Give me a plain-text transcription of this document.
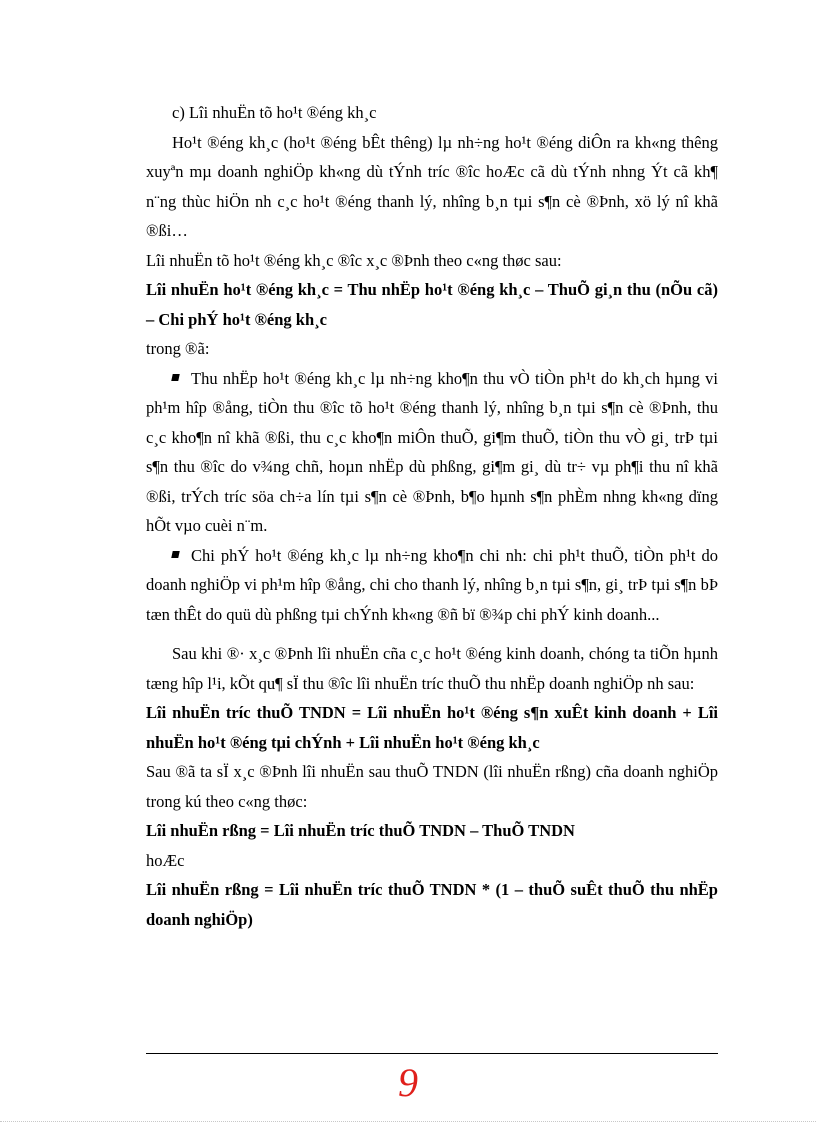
c) Lîi nhuËn tõ ho¹t ®éng kh¸c

Ho¹t ®éng kh¸c (ho¹t ®éng bÊt thêng) lµ nh÷ng ho¹t ®éng diÔn ra kh«ng thêng xuyªn mµ doanh nghiÖp kh«ng dù tÝnh tríc ®îc hoÆc cã dù tÝnh nhng Ýt cã kh¶ n¨ng thùc hiÖn nh c¸c ho¹t ®éng thanh lý, nhîng b¸n tµi s¶n cè ®Þnh, xö lý nî khã ®ßi…

Lîi nhuËn tõ ho¹t ®éng kh¸c ®îc x¸c ®Þnh theo c«ng thøc sau:

Lîi nhuËn ho¹t ®éng kh¸c = Thu nhËp ho¹t ®éng kh¸c – ThuÕ gi¸n thu (nÕu cã) – Chi phÝ ho¹t ®éng kh¸c

trong ®ã:

Thu nhËp ho¹t ®éng kh¸c lµ nh÷ng kho¶n thu vÒ tiÒn ph¹t do kh¸ch hµng vi ph¹m hîp ®ång, tiÒn thu ®îc tõ ho¹t ®éng thanh lý, nhîng b¸n tµi s¶n cè ®Þnh, thu c¸c kho¶n nî khã ®ßi, thu c¸c kho¶n miÔn thuÕ, gi¶m thuÕ, tiÒn thu vÒ gi¸ trÞ tµi s¶n thu ®îc do v¾ng chñ, hoµn nhËp dù phßng, gi¶m gi¸ dù tr÷ vµ ph¶i thu nî khã ®ßi, trÝch tríc söa ch÷a lín tµi s¶n cè ®Þnh, b¶o hµnh s¶n phÈm nhng kh«ng dïng hÕt vµo cuèi n¨m.

Chi phÝ ho¹t ®éng kh¸c lµ nh÷ng kho¶n chi nh: chi ph¹t thuÕ, tiÒn ph¹t do doanh nghiÖp vi ph¹m hîp ®ång, chi cho thanh lý, nhîng b¸n tµi s¶n, gi¸ trÞ tµi s¶n bÞ tæn thÊt do quü dù phßng tµi chÝnh kh«ng ®ñ bï ®¾p chi phÝ kinh doanh...

Sau khi ®· x¸c ®Þnh lîi nhuËn cña c¸c ho¹t ®éng kinh doanh, chóng ta tiÕn hµnh tæng hîp l¹i, kÕt qu¶ sÏ thu ®îc lîi nhuËn tríc thuÕ thu nhËp doanh nghiÖp nh sau:

Lîi nhuËn tríc thuÕ TNDN = Lîi nhuËn ho¹t ®éng s¶n xuÊt kinh doanh + Lîi nhuËn ho¹t ®éng tµi chÝnh + Lîi nhuËn ho¹t ®éng kh¸c

Sau ®ã ta sÏ x¸c ®Þnh lîi nhuËn sau thuÕ TNDN (lîi nhuËn rßng) cña doanh nghiÖp trong kú theo c«ng thøc:

Lîi nhuËn rßng = Lîi nhuËn tríc thuÕ TNDN – ThuÕ TNDN

hoÆc

Lîi nhuËn rßng = Lîi nhuËn tríc thuÕ TNDN * (1 – thuÕ suÊt thuÕ thu nhËp doanh nghiÖp)

9
